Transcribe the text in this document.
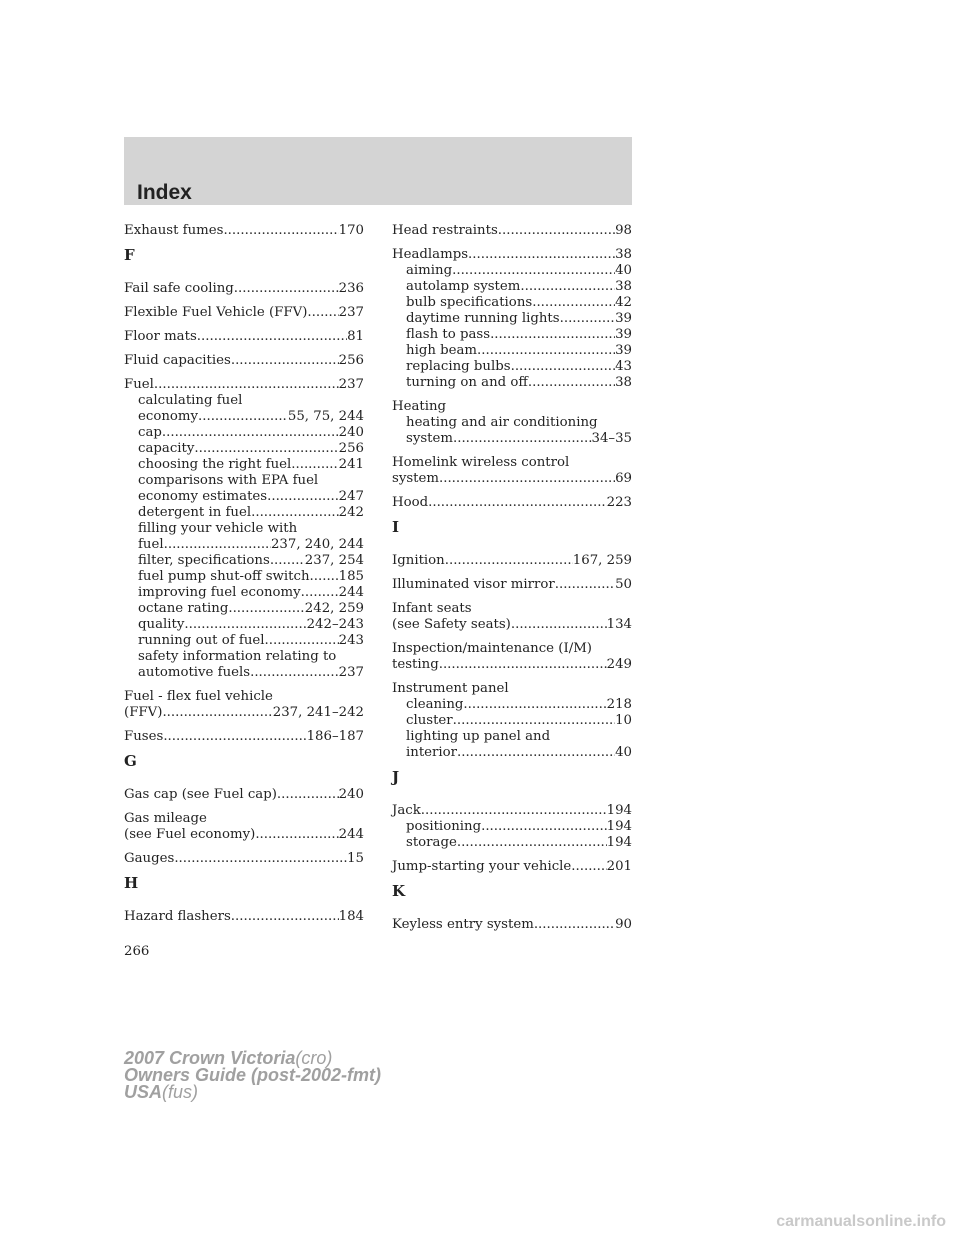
Index
Exhaust fumes .....	170
F
Fail safe cooling .....	236
Flexible Fuel Vehicle (FFV) ..... 237
Floor mats .....	81
Fluid capacities .....	256
Fuel .....	237
calculating fuel
economy .....	55, 75, 244
cap .....	240
capacity .....	256
choosing the right fuel .....	241
comparisons with EPA fuel
economy estimates .....	247
detergent in fuel .....	242
filling your vehicle with
fuel .....	237, 240, 244
filter, specifications .....	237, 254
fuel pump shut-off switch ..... 185
improving fuel economy .....	244
octane rating .....	242, 259
quality .....	242–243
running out of fuel .....	243
safety information relating to
automotive fuels .....	237
Fuel - flex fuel vehicle
(FFV) .....	237, 241–242
Fuses .....	186–187
G
Gas cap (see Fuel cap) .....	240
Gas mileage
(see Fuel economy) .....	244
Gauges .....	15
H
Hazard flashers .....	184
Head restraints .....	98
Headlamps .....	38
aiming .....	40
autolamp system .....	38
bulb specifications .....	42
daytime running lights .....	39
flash to pass .....	39
high beam .....	39
replacing bulbs .....	43
turning on and off .....	38
Heating
heating and air conditioning
system .....	34–35
Homelink wireless control
system .....	69
Hood .....	223
I
Ignition .....	167, 259
Illuminated visor mirror .....	50
Infant seats
(see Safety seats) .....	134
Inspection/maintenance (I/M)
testing .....	249
Instrument panel
cleaning .....	218
cluster .....	10
lighting up panel and
interior .....	40
J
Jack .....	194
positioning .....	194
storage .....	194
Jump-starting your vehicle .....	201
K
Keyless entry system .....	90
266
2007 Crown Victoria(cro)
Owners Guide (post-2002-fmt)
USA(fus)
carmanualsonline.info
